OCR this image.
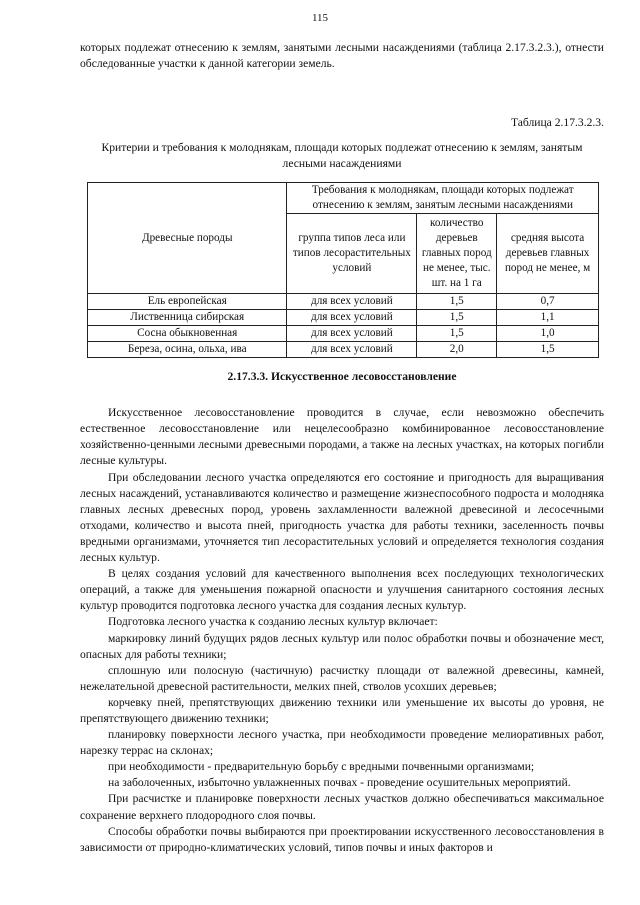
115

которых подлежат отнесению к землям, занятыми лесными насаждениями (таблица 2.17.3.2.3.), отнести обследованные участки к данной категории земель.

Таблица 2.17.3.2.3.
Критерии и требования к молоднякам, площади которых подлежат отнесению к землям, занятым лесными насаждениями
Древесные породы	Требования к молоднякам, площади которых подлежат отнесению к землям, занятым лесными насаждениями		
	группа типов леса или типов лесорастительных условий	количество деревьев главных пород не менее, тыс. шт. на 1 га	средняя высота деревьев главных пород не менее, м
Ель европейская	для всех условий	1,5	0,7
Лиственница сибирская	для всех условий	1,5	1,1
Сосна обыкновенная	для всех условий	1,5	1,0
Береза, осина, ольха, ива	для всех условий	2,0	1,5
2.17.3.3. Искусственное лесовосстановление

Искусственное лесовосстановление проводится в случае, если невозможно обеспечить естественное лесовосстановление или нецелесообразно комбинированное лесовосстановление хозяйственно-ценными лесными древесными породами, а также на лесных участках, на которых погибли лесные культуры.

При обследовании лесного участка определяются его состояние и пригодность для выращивания лесных насаждений, устанавливаются количество и размещение жизнеспособного подроста и молодняка главных лесных древесных пород, уровень захламленности валежной древесиной и лесосечными отходами, количество и высота пней, пригодность участка для работы техники, заселенность почвы вредными организмами, уточняется тип лесорастительных условий и определяется технология создания лесных культур.

В целях создания условий для качественного выполнения всех последующих технологических операций, а также для уменьшения пожарной опасности и улучшения санитарного состояния лесных культур проводится подготовка лесного участка для создания лесных культур.

Подготовка лесного участка к созданию лесных культур включает:

маркировку линий будущих рядов лесных культур или полос обработки почвы и обозначение мест, опасных для работы техники;

сплошную или полосную (частичную) расчистку площади от валежной древесины, камней, нежелательной древесной растительности, мелких пней, стволов усохших деревьев;

корчевку пней, препятствующих движению техники или уменьшение их высоты до уровня, не препятствующего движению техники;

планировку поверхности лесного участка, при необходимости проведение мелиоративных работ, нарезку террас на склонах;

при необходимости - предварительную борьбу с вредными почвенными организмами;

на заболоченных, избыточно увлажненных почвах - проведение осушительных мероприятий.

При расчистке и планировке поверхности лесных участков должно обеспечиваться максимальное сохранение верхнего плодородного слоя почвы.

Способы обработки почвы выбираются при проектировании искусственного лесовосстановления в зависимости от природно-климатических условий, типов почвы и иных факторов и
